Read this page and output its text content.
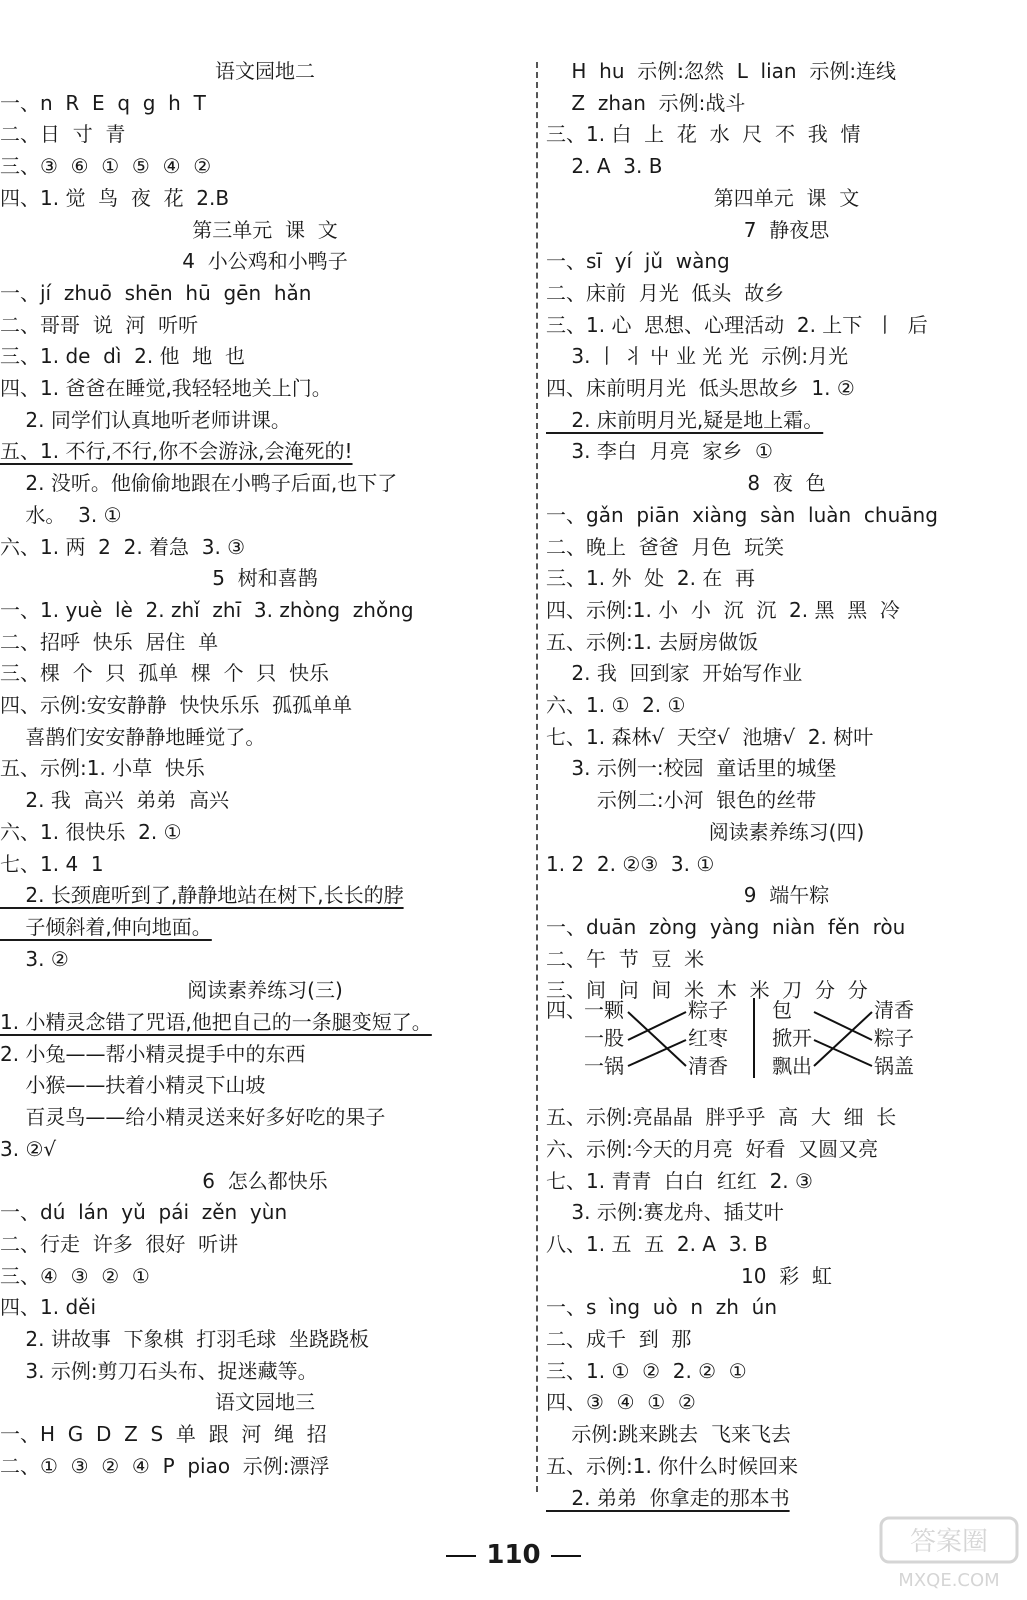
语文园地二
一、n  R  E  q  g  h  T
二、日  寸  青
三、③  ⑥  ①  ⑤  ④  ②
四、1. 觉  鸟  夜  花  2.B
第三单元  课  文
4  小公鸡和小鸭子
一、jí  zhuō  shēn  hū  gēn  hǎn
二、哥哥  说  河  听听
三、1. de  dì  2. 他  地  也
四、1. 爸爸在睡觉,我轻轻地关上门。
2. 同学们认真地听老师讲课。
五、1. 不行,不行,你不会游泳,会淹死的!
2. 没听。他偷偷地跟在小鸭子后面,也下了
水。  3. ①
六、1. 两  2  2. 着急  3. ③
5  树和喜鹊
一、1. yuè  lè  2. zhǐ  zhī  3. zhòng  zhǒng
二、招呼  快乐  居住  单
三、棵  个  只  孤单  棵  个  只  快乐
四、示例:安安静静  快快乐乐  孤孤单单
喜鹊们安安静静地睡觉了。
五、示例:1. 小草  快乐
2. 我  高兴  弟弟  高兴
六、1. 很快乐  2. ①
七、1. 4  1
2. 长颈鹿听到了,静静地站在树下,长长的脖
子倾斜着,伸向地面。
3. ②
阅读素养练习(三)
1. 小精灵念错了咒语,他把自己的一条腿变短了。
2. 小兔——帮小精灵提手中的东西
小猴——扶着小精灵下山坡
百灵鸟——给小精灵送来好多好吃的果子
3. ②√
6  怎么都快乐
一、dú  lán  yǔ  pái  zěn  yùn
二、行走  许多  很好  听讲
三、④  ③  ②  ①
四、1. děi
2. 讲故事  下象棋  打羽毛球  坐跷跷板
3. 示例:剪刀石头布、捉迷藏等。
语文园地三
一、H  G  D  Z  S  单  跟  河  绳  招
二、①  ③  ②  ④  P  piao  示例:漂浮
四、
一颗
一股
一锅
粽子
红枣
清香
包
掀开
飘出
清香
粽子
锅盖
H  hu  示例:忽然  L  lian  示例:连线
Z  zhan  示例:战斗
三、1. 白  上  花  水  尺  不  我  情
2. A  3. B
第四单元  课  文
7  静夜思
一、sī  yí  jǔ  wàng
二、床前  月光  低头  故乡
三、1. 心  思想、心理活动  2. 上下  丨  后
3. 丨 丬 屮 业 光 光  示例:月光
四、床前明月光  低头思故乡  1. ②
2. 床前明月光,疑是地上霜。
3. 李白  月亮  家乡  ①
8  夜  色
一、gǎn  piān  xiàng  sàn  luàn  chuāng
二、晚上  爸爸  月色  玩笑
三、1. 外  处  2. 在  再
四、示例:1. 小  小  沉  沉  2. 黑  黑  冷
五、示例:1. 去厨房做饭
2. 我  回到家  开始写作业
六、1. ①  2. ①
七、1. 森林√  天空√  池塘√  2. 树叶
3. 示例一:校园  童话里的城堡
示例二:小河  银色的丝带
阅读素养练习(四)
1. 2  2. ②③  3. ①
9  端午粽
一、duān  zòng  yàng  niàn  fěn  ròu
二、午  节  豆  米
三、间  问  间  米  木  米  刀  分  分
五、示例:亮晶晶  胖乎乎  高  大  细  长
六、示例:今天的月亮  好看  又圆又亮
七、1. 青青  白白  红红  2. ③
3. 示例:赛龙舟、插艾叶
八、1. 五  五  2. A  3. B
10  彩  虹
一、s  ìng  uò  n  zh  ún
二、成千  到  那
三、1. ①  ②  2. ②  ①
四、③  ④  ①  ②
示例:跳来跳去  飞来飞去
五、示例:1. 你什么时候回来
2. 弟弟  你拿走的那本书
110	答案圈
MXQE.COM
